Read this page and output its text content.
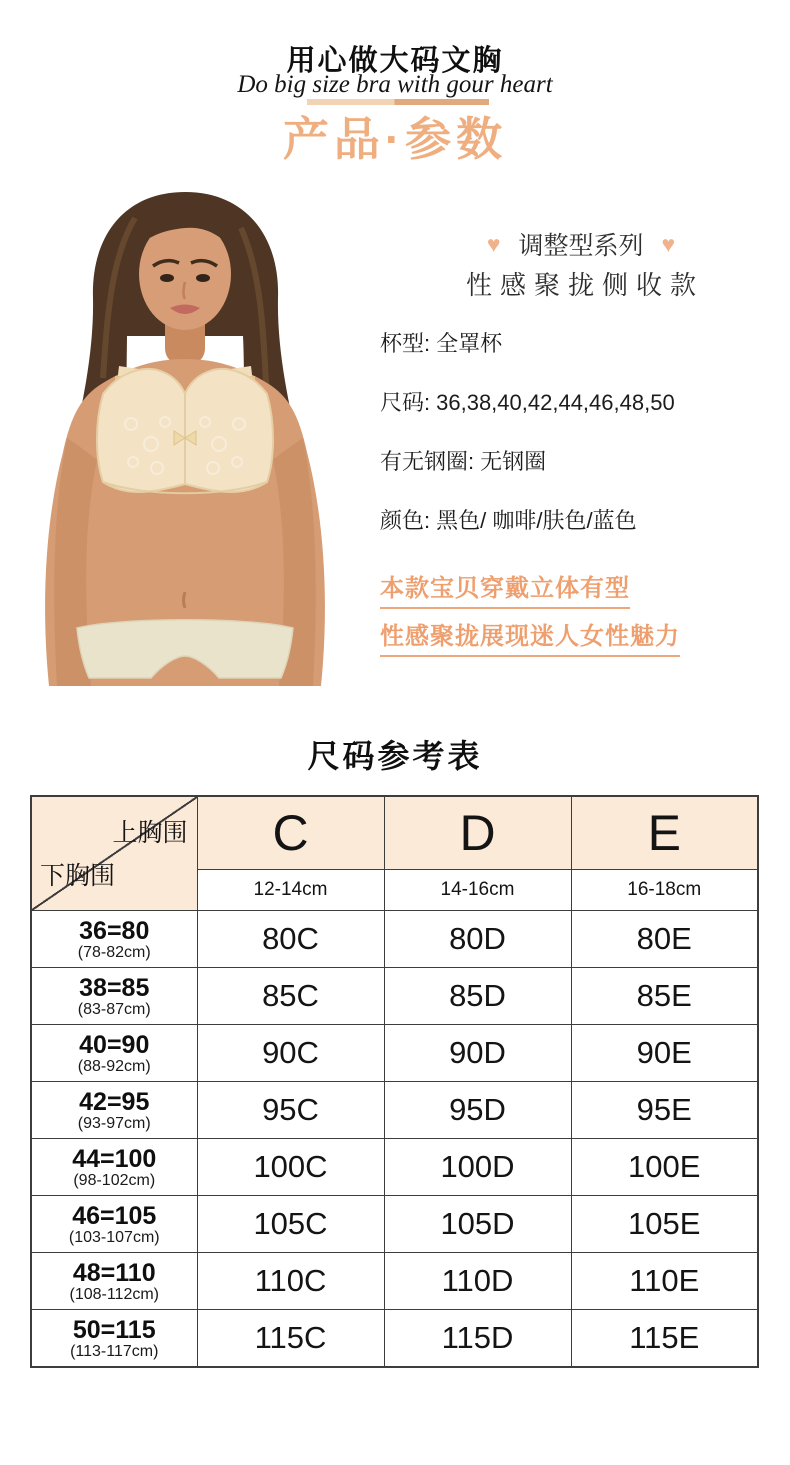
用心做大码文胸
Do big size bra with gour heart
产品·参数
♥ 调整型系列 ♥
性感聚拢侧收款
杯型: 全罩杯
尺码: 36,38,40,42,44,46,48,50
有无钢圈: 无钢圈
颜色: 黑色/ 咖啡/肤色/蓝色
本款宝贝穿戴立体有型
性感聚拢展现迷人女性魅力
尺码参考表
上胸围
下胸围	C	D	E
	12-14cm	14-16cm	16-18cm

36=80
(78-82cm)	80C	80D	80E

38=85
(83-87cm)	85C	85D	85E

40=90
(88-92cm)	90C	90D	90E

42=95
(93-97cm)	95C	95D	95E

44=100
(98-102cm)	100C	100D	100E

46=105
(103-107cm)	105C	105D	105E

48=110
(108-112cm)	110C	110D	110E

50=115
(113-117cm)	115C	115D	115E
